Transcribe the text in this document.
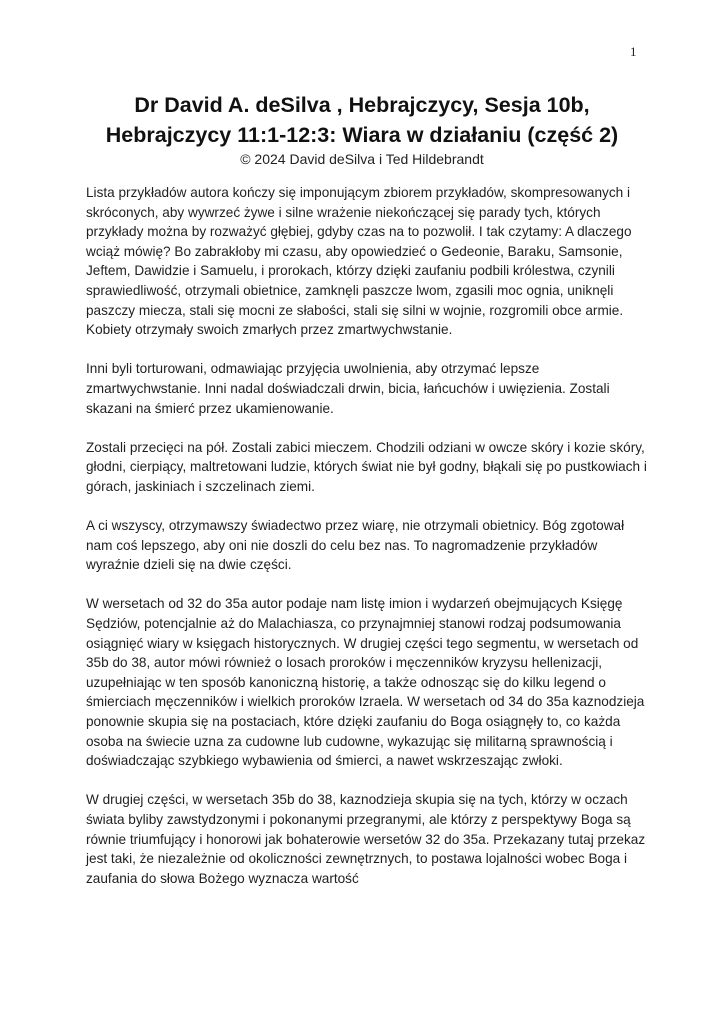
1
Dr David A. deSilva , Hebrajczycy, Sesja 10b,
Hebrajczycy 11:1-12:3: Wiara w działaniu (część 2)
© 2024 David deSilva i Ted Hildebrandt

Lista przykładów autora kończy się imponującym zbiorem przykładów, skompresowanych i skróconych, aby wywrzeć żywe i silne wrażenie niekończącej się parady tych, których przykłady można by rozważyć głębiej, gdyby czas na to pozwolił. I tak czytamy: A dlaczego wciąż mówię? Bo zabrakłoby mi czasu, aby opowiedzieć o Gedeonie, Baraku, Samsonie, Jeftem, Dawidzie i Samuelu, i prorokach, którzy dzięki zaufaniu podbili królestwa, czynili sprawiedliwość, otrzymali obietnice, zamknęli paszcze lwom, zgasili moc ognia, uniknęli paszczy miecza, stali się mocni ze słabości, stali się silni w wojnie, rozgromili obce armie. Kobiety otrzymały swoich zmarłych przez zmartwychwstanie.

Inni byli torturowani, odmawiając przyjęcia uwolnienia, aby otrzymać lepsze zmartwychwstanie. Inni nadal doświadczali drwin, bicia, łańcuchów i uwięzienia. Zostali skazani na śmierć przez ukamienowanie.

Zostali przecięci na pół. Zostali zabici mieczem. Chodzili odziani w owcze skóry i kozie skóry, głodni, cierpiący, maltretowani ludzie, których świat nie był godny, błąkali się po pustkowiach i górach, jaskiniach i szczelinach ziemi.

A ci wszyscy, otrzymawszy świadectwo przez wiarę, nie otrzymali obietnicy. Bóg zgotował nam coś lepszego, aby oni nie doszli do celu bez nas. To nagromadzenie przykładów wyraźnie dzieli się na dwie części.

W wersetach od 32 do 35a autor podaje nam listę imion i wydarzeń obejmujących Księgę Sędziów, potencjalnie aż do Malachiasza, co przynajmniej stanowi rodzaj podsumowania osiągnięć wiary w księgach historycznych. W drugiej części tego segmentu, w wersetach od 35b do 38, autor mówi również o losach proroków i męczenników kryzysu hellenizacji, uzupełniając w ten sposób kanoniczną historię, a także odnosząc się do kilku legend o śmierciach męczenników i wielkich proroków Izraela. W wersetach od 34 do 35a kaznodzieja ponownie skupia się na postaciach, które dzięki zaufaniu do Boga osiągnęły to, co każda osoba na świecie uzna za cudowne lub cudowne, wykazując się militarną sprawnością i doświadczając szybkiego wybawienia od śmierci, a nawet wskrzeszając zwłoki.

W drugiej części, w wersetach 35b do 38, kaznodzieja skupia się na tych, którzy w oczach świata byliby zawstydzonymi i pokonanymi przegranymi, ale którzy z perspektywy Boga są równie triumfujący i honorowi jak bohaterowie wersetów 32 do 35a. Przekazany tutaj przekaz jest taki, że niezależnie od okoliczności zewnętrznych, to postawa lojalności wobec Boga i zaufania do słowa Bożego wyznacza wartość
